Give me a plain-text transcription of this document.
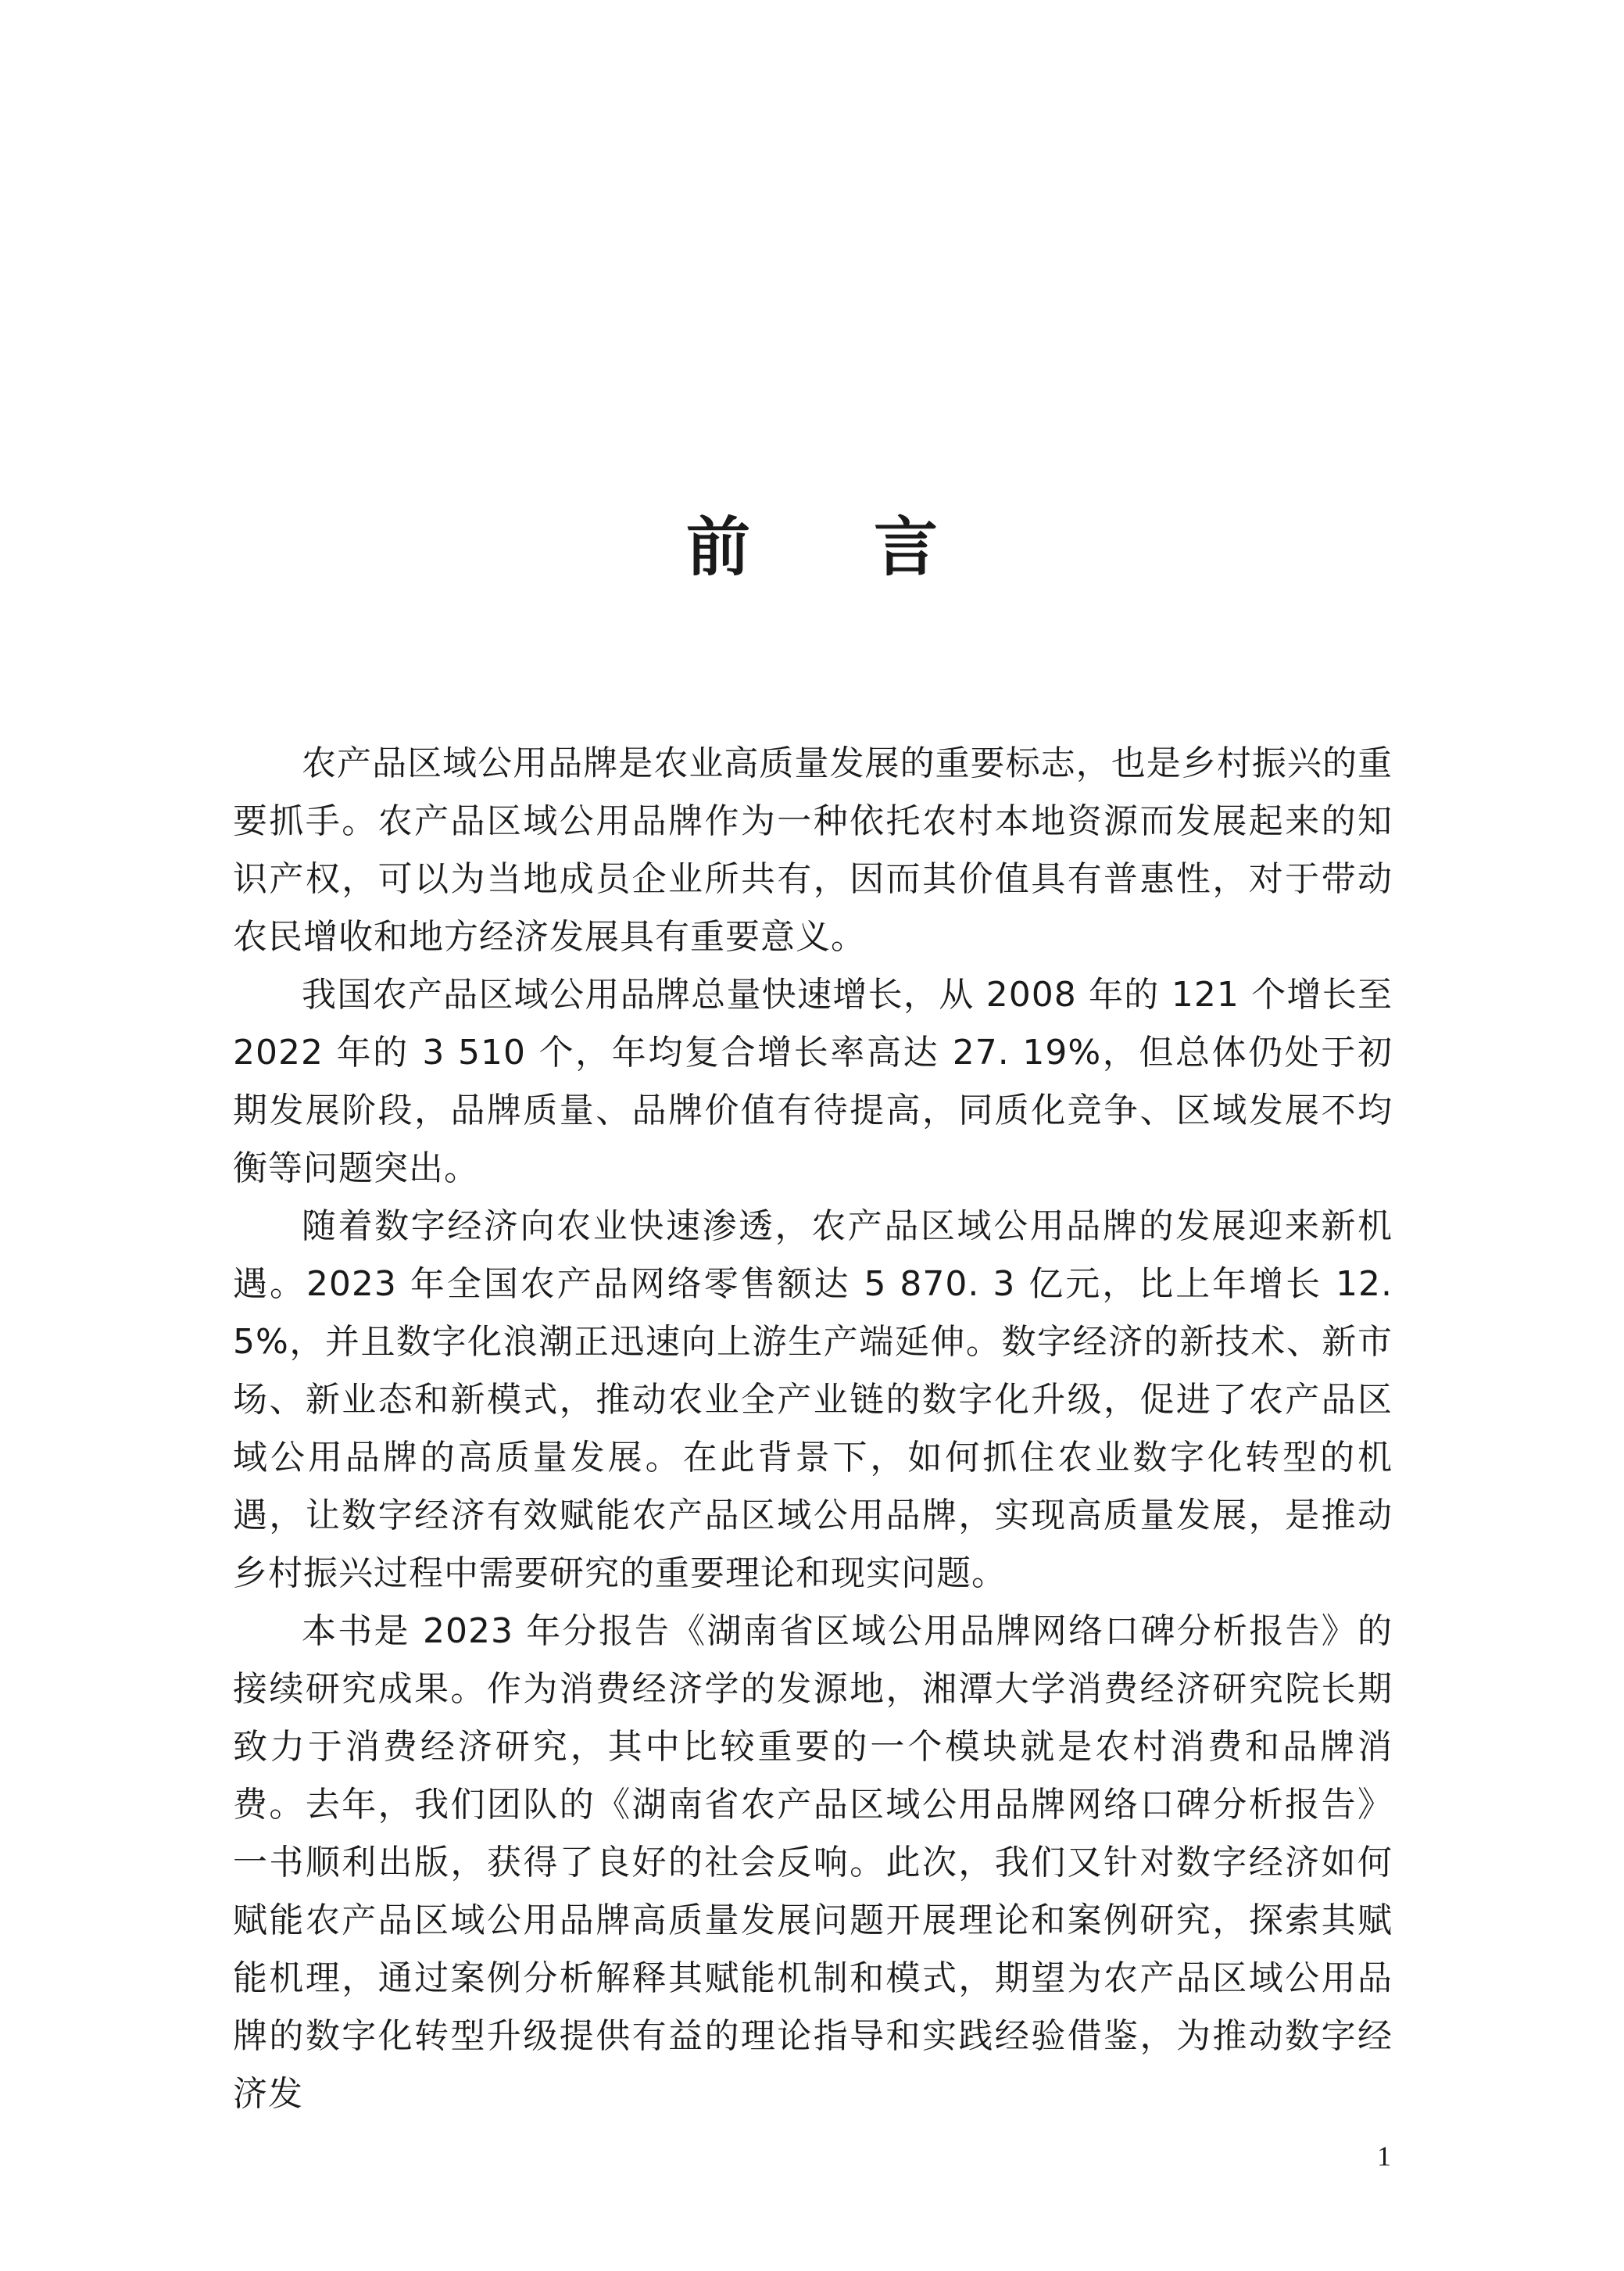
前 言

农产品区域公用品牌是农业高质量发展的重要标志，也是乡村振兴的重要抓手。农产品区域公用品牌作为一种依托农村本地资源而发展起来的知识产权，可以为当地成员企业所共有，因而其价值具有普惠性，对于带动农民增收和地方经济发展具有重要意义。

我国农产品区域公用品牌总量快速增长，从 2008 年的 121 个增长至 2022 年的 3 510 个，年均复合增长率高达 27. 19%，但总体仍处于初期发展阶段，品牌质量、品牌价值有待提高，同质化竞争、区域发展不均衡等问题突出。

随着数字经济向农业快速渗透，农产品区域公用品牌的发展迎来新机遇。2023 年全国农产品网络零售额达 5 870. 3 亿元，比上年增长 12. 5%，并且数字化浪潮正迅速向上游生产端延伸。数字经济的新技术、新市场、新业态和新模式，推动农业全产业链的数字化升级，促进了农产品区域公用品牌的高质量发展。在此背景下，如何抓住农业数字化转型的机遇，让数字经济有效赋能农产品区域公用品牌，实现高质量发展，是推动乡村振兴过程中需要研究的重要理论和现实问题。

本书是 2023 年分报告《湖南省区域公用品牌网络口碑分析报告》的接续研究成果。作为消费经济学的发源地，湘潭大学消费经济研究院长期致力于消费经济研究，其中比较重要的一个模块就是农村消费和品牌消费。去年，我们团队的《湖南省农产品区域公用品牌网络口碑分析报告》一书顺利出版，获得了良好的社会反响。此次，我们又针对数字经济如何赋能农产品区域公用品牌高质量发展问题开展理论和案例研究，探索其赋能机理，通过案例分析解释其赋能机制和模式，期望为农产品区域公用品牌的数字化转型升级提供有益的理论指导和实践经验借鉴，为推动数字经济发

1
